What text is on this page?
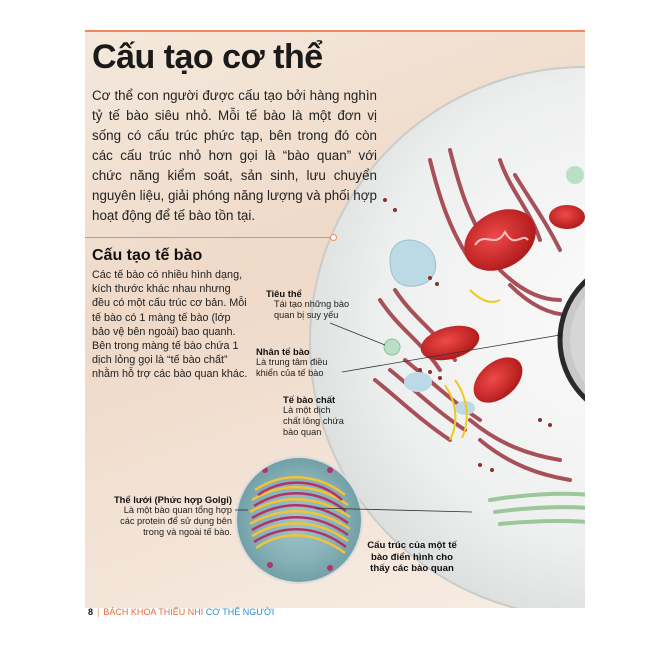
Cấu tạo cơ thể

Cơ thể con người được cấu tạo bởi hàng nghìn tỷ tế bào siêu nhỏ. Mỗi tế bào là một đơn vị sống có cấu trúc phức tạp, bên trong đó còn các cấu trúc nhỏ hơn gọi là “bào quan” với chức năng kiểm soát, sản sinh, lưu chuyển nguyên liệu, giải phóng năng lượng và phối hợp hoạt động để tế bào tồn tại.

Cấu tạo tế bào

Các tế bào có nhiều hình dạng, kích thước khác nhau nhưng đều có một cấu trúc cơ bản. Mỗi tế bào có 1 màng tế bào (lớp bảo vệ bên ngoài) bao quanh. Bên trong màng tế bào chứa 1 dịch lỏng gọi là “tế bào chất” nhằm hỗ trợ các bào quan khác.

Tiêu thể
Tái tạo những bào
quan bị suy yếu
Nhân tế bào
Là trung tâm điều
khiển của tế bào
Tế bào chất
Là một dịch
chất lỏng chứa
bào quan
Thể lưới (Phức hợp Golgi)
Là một bào quan tổng hợp
các protein để sử dụng bên
trong và ngoài tế bào.
Cấu trúc của một tế bào điển hình cho thấy các bào quan
8 | BÁCH KHOA THIẾU NHI CƠ THỂ NGƯỜI
